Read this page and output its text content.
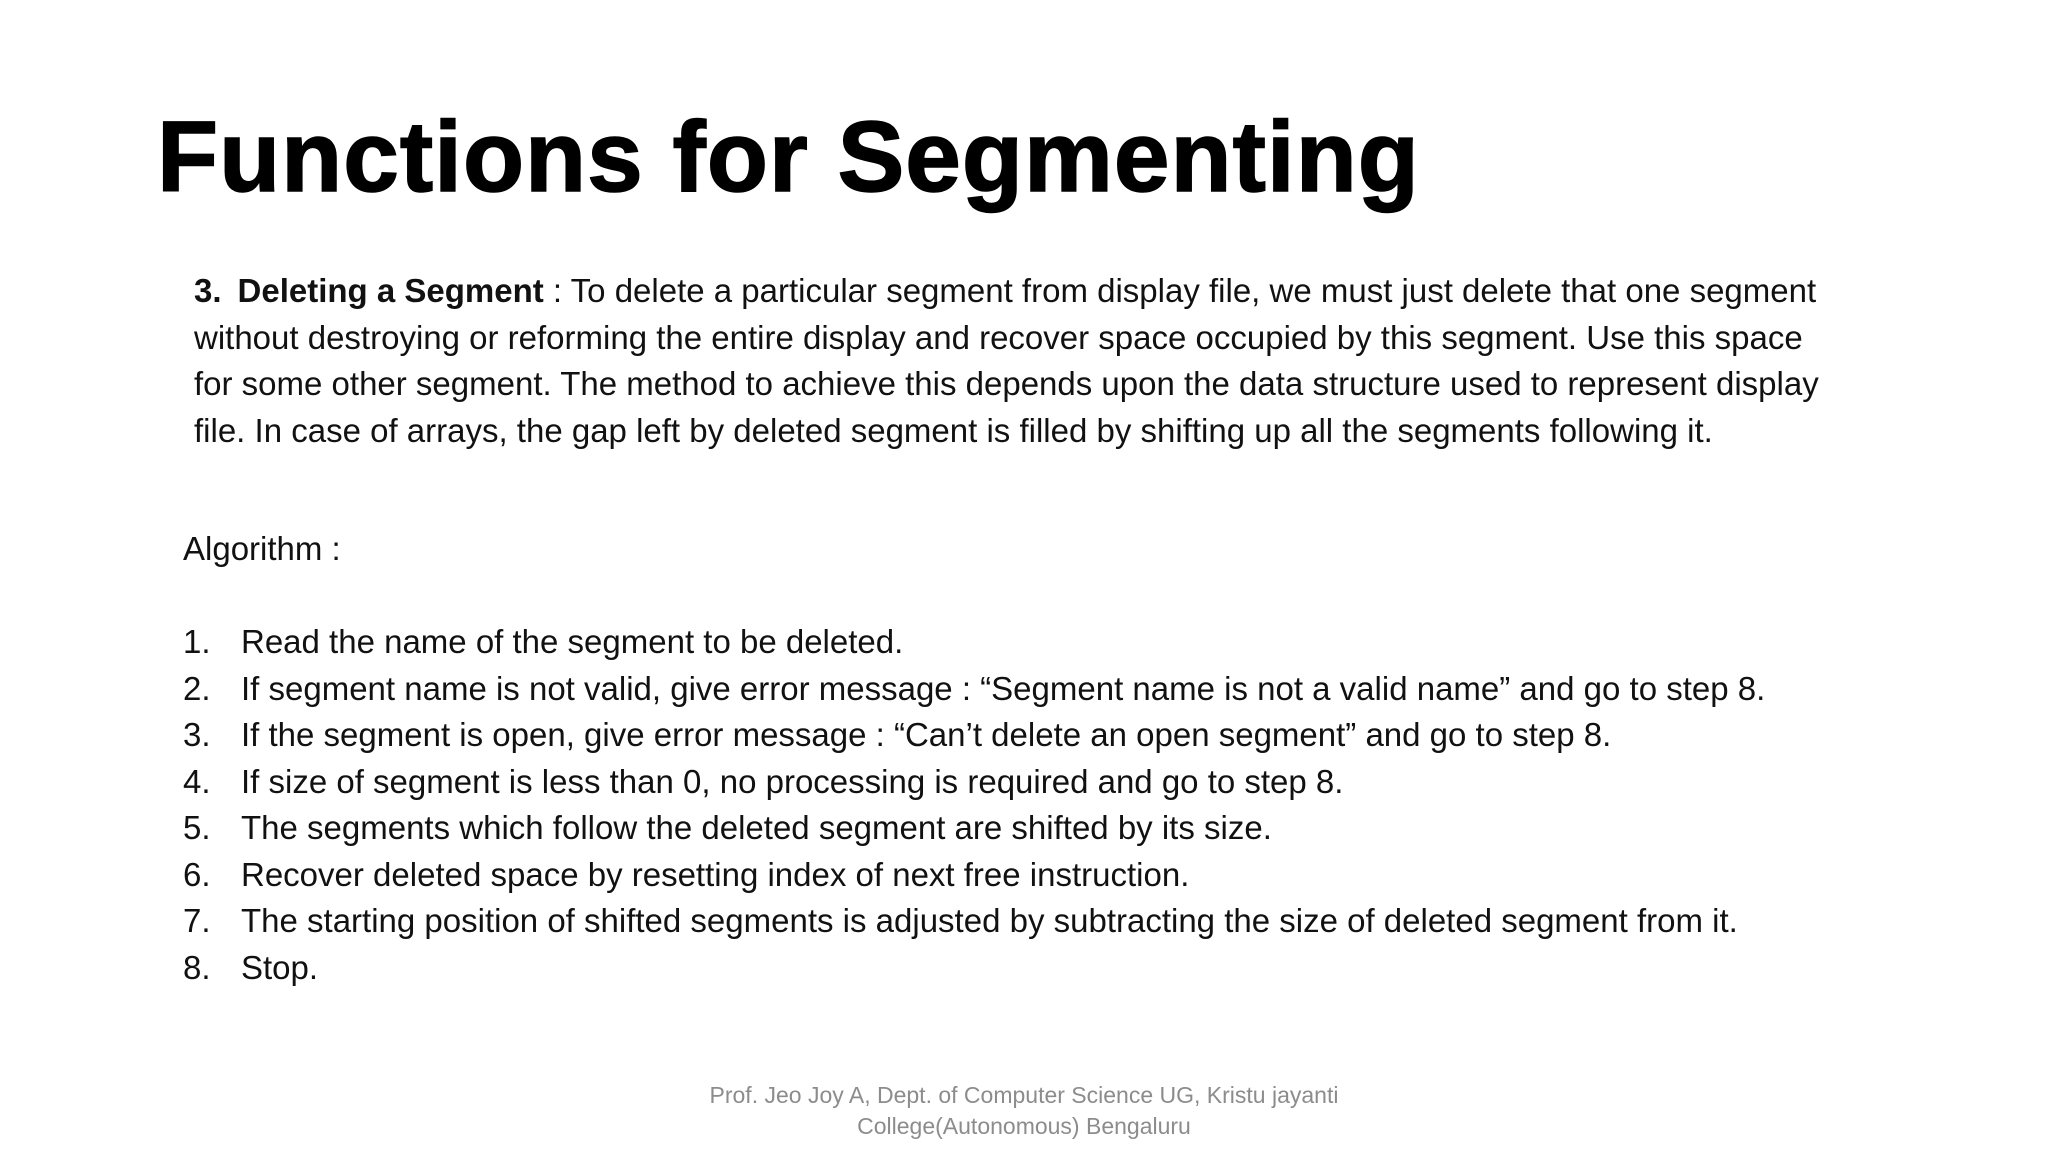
Functions for Segmenting

3. Deleting a Segment : To delete a particular segment from display file, we must just delete that one segment without destroying or reforming the entire display and recover space occupied by this segment. Use this space for some other segment. The method to achieve this depends upon the data structure used to represent display file. In case of arrays, the gap left by deleted segment is filled by shifting up all the segments following it.

Algorithm :

1. Read the name of the segment to be deleted.
2. If segment name is not valid, give error message : “Segment name is not a valid name” and go to step 8.
3. If the segment is open, give error message : “Can’t delete an open segment” and go to step 8.
4. If size of segment is less than 0, no processing is required and go to step 8.
5. The segments which follow the deleted segment are shifted by its size.
6. Recover deleted space by resetting index of next free instruction.
7. The starting position of shifted segments is adjusted by subtracting the size of deleted segment from it.
8. Stop.
Prof. Jeo Joy A, Dept. of Computer Science UG, Kristu jayanti
College(Autonomous) Bengaluru
